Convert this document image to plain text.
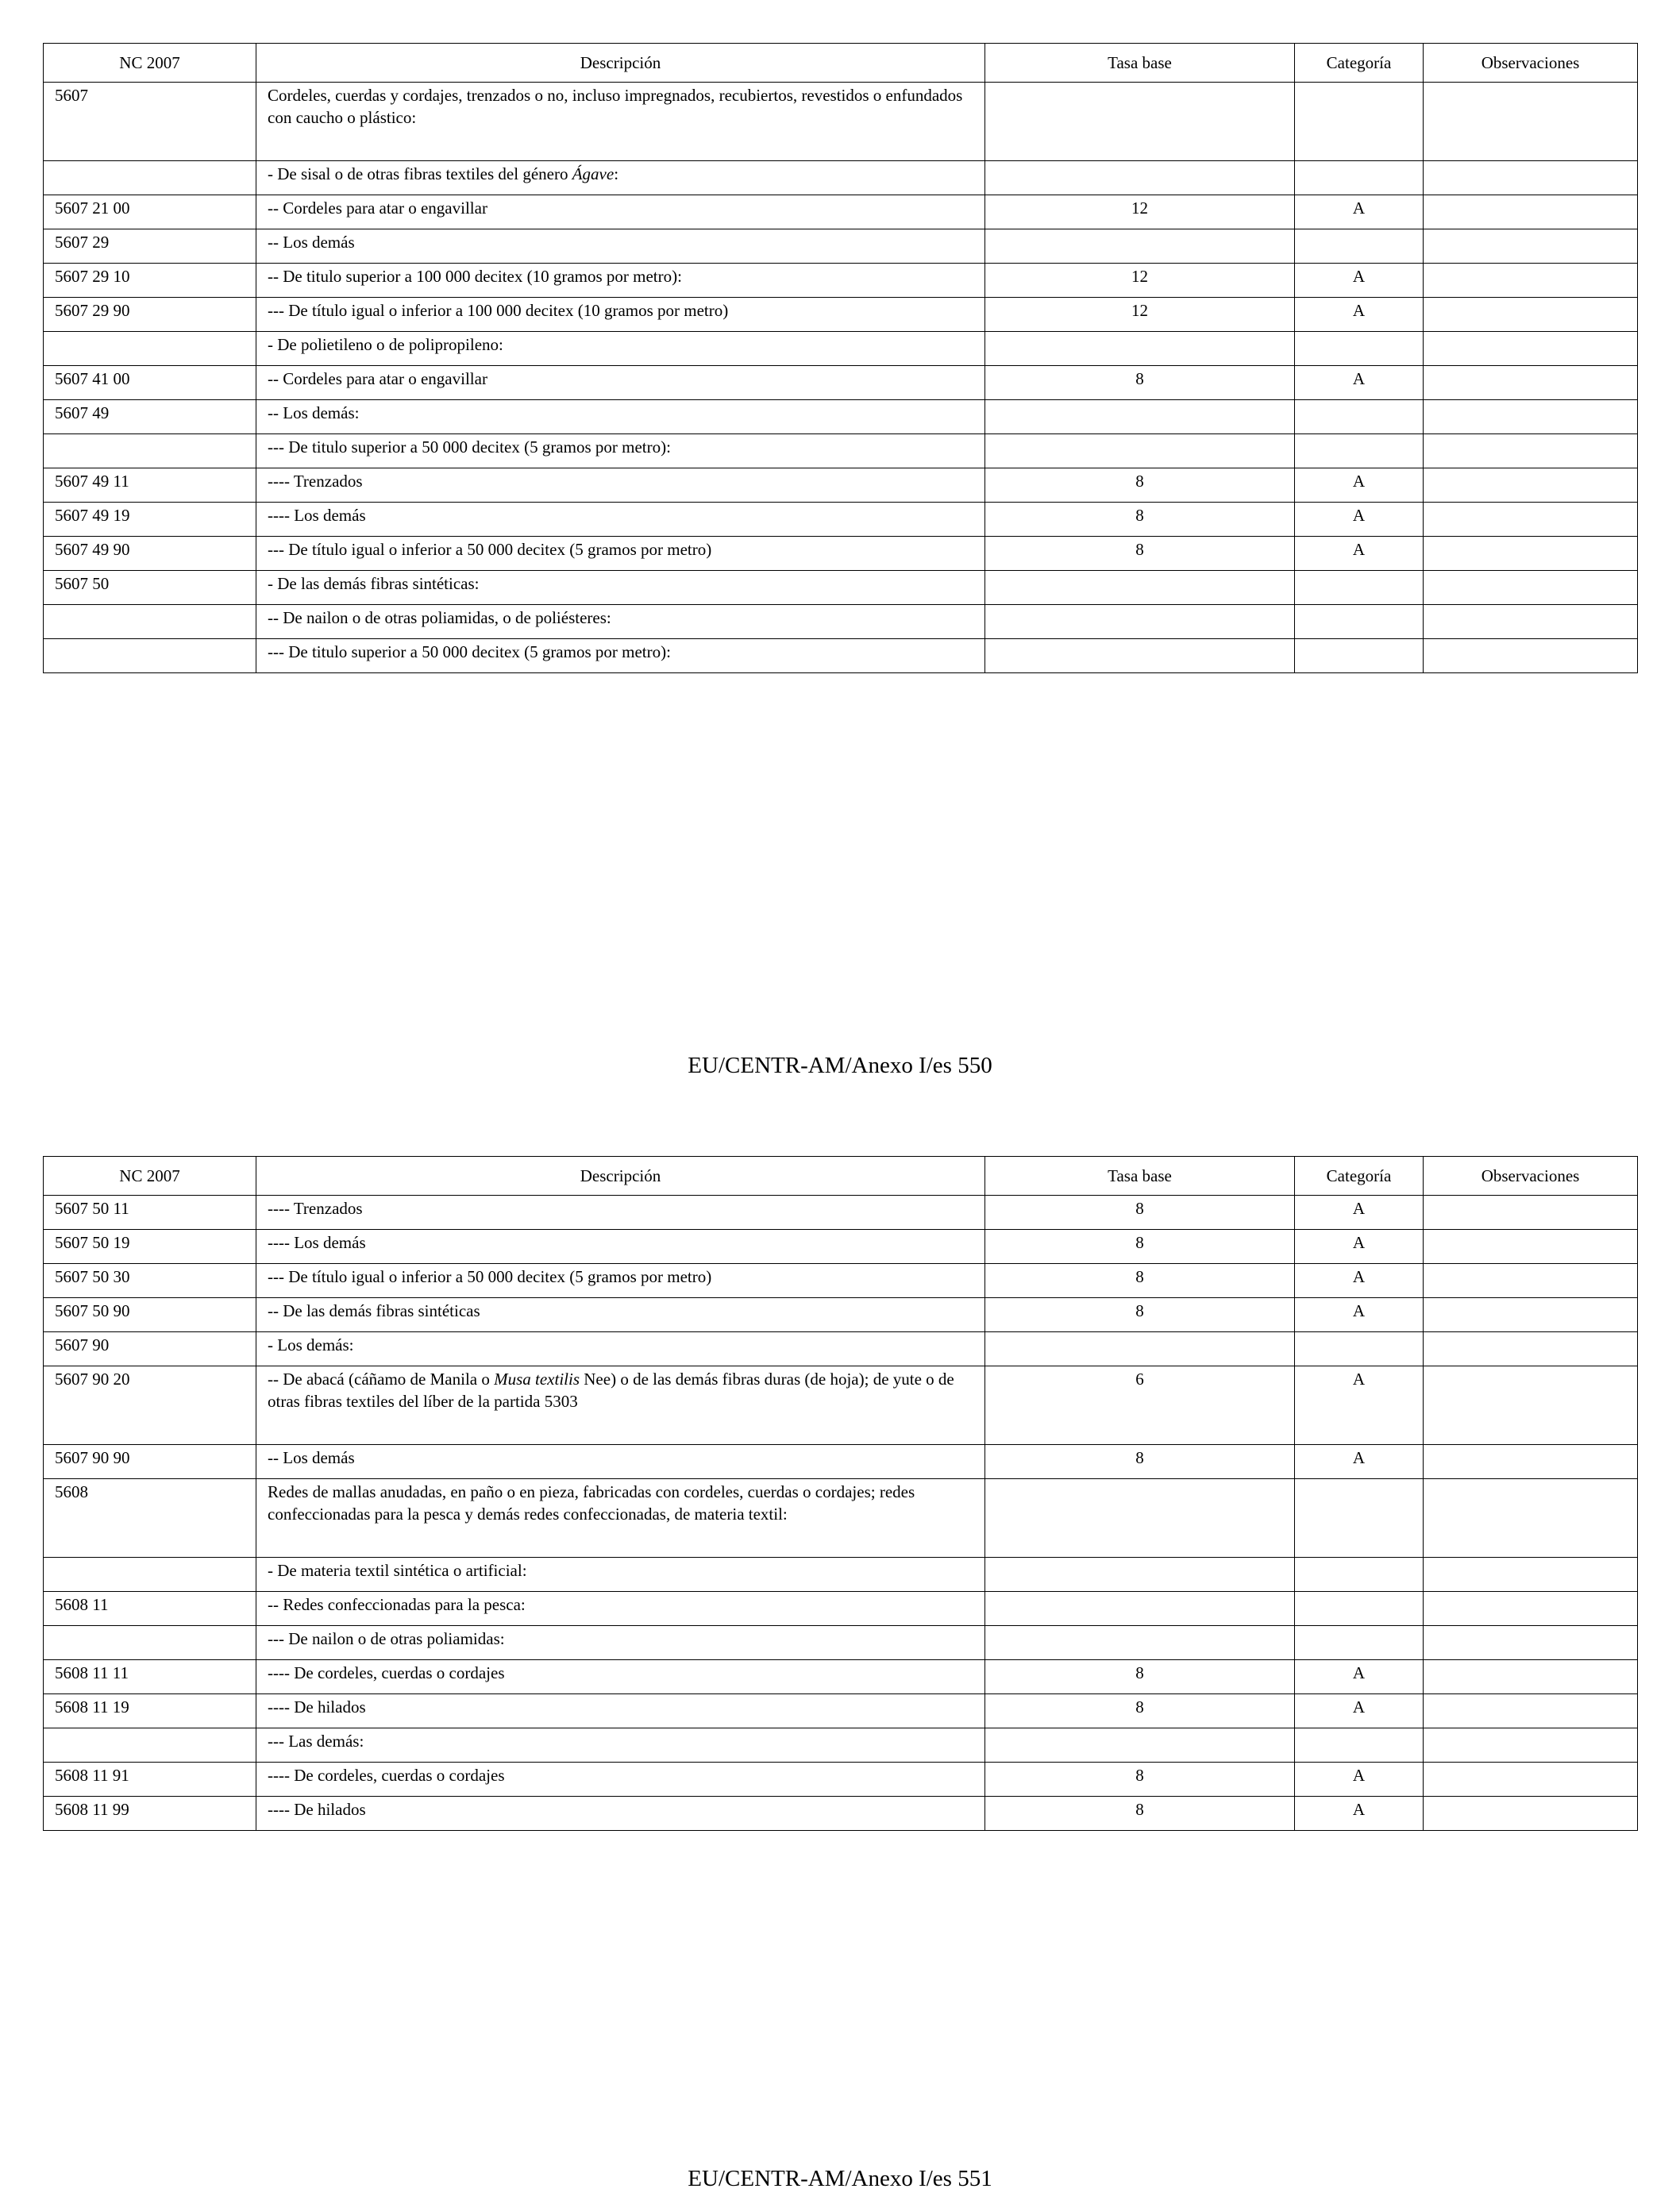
NC 2007	Descripción	Tasa base	Categoría	Observaciones
5607	Cordeles, cuerdas y cordajes, trenzados o no, incluso impregnados, recubiertos, revestidos o enfundados con caucho o plástico:			
	- De sisal o de otras fibras textiles del género Ágave:			
5607 21 00	-- Cordeles para atar o engavillar	12	A	
5607 29	-- Los demás			
5607 29 10	-- De titulo superior a 100 000 decitex (10 gramos por metro):	12	A	
5607 29 90	--- De título igual o inferior a 100 000 decitex (10 gramos por metro)	12	A	
	- De polietileno o de polipropileno:			
5607 41 00	-- Cordeles para atar o engavillar	8	A	
5607 49	-- Los demás:			
	--- De titulo superior a 50 000 decitex (5 gramos por metro):			
5607 49 11	---- Trenzados	8	A	
5607 49 19	---- Los demás	8	A	
5607 49 90	--- De título igual o inferior a 50 000 decitex (5 gramos por metro)	8	A	
5607 50	- De las demás fibras sintéticas:			
	-- De nailon o de otras poliamidas, o de poliésteres:			
	--- De titulo superior a 50 000 decitex (5 gramos por metro):			
EU/CENTR-AM/Anexo I/es 550
NC 2007	Descripción	Tasa base	Categoría	Observaciones
5607 50 11	---- Trenzados	8	A	
5607 50 19	---- Los demás	8	A	
5607 50 30	--- De título igual o inferior a 50 000 decitex (5 gramos por metro)	8	A	
5607 50 90	-- De las demás fibras sintéticas	8	A	
5607 90	- Los demás:			
5607 90 20	-- De abacá (cáñamo de Manila o Musa textilis Nee) o de las demás fibras duras (de hoja); de yute o de otras fibras textiles del líber de la partida 5303	6	A	
5607 90 90	-- Los demás	8	A	
5608	Redes de mallas anudadas, en paño o en pieza, fabricadas con cordeles, cuerdas o cordajes; redes confeccionadas para la pesca y demás redes confeccionadas, de materia textil:			
	- De materia textil sintética o artificial:			
5608 11	-- Redes confeccionadas para la pesca:			
	--- De nailon o de otras poliamidas:			
5608 11 11	---- De cordeles, cuerdas o cordajes	8	A	
5608 11 19	---- De hilados	8	A	
	--- Las demás:			
5608 11 91	---- De cordeles, cuerdas o cordajes	8	A	
5608 11 99	---- De hilados	8	A	
EU/CENTR-AM/Anexo I/es 551
